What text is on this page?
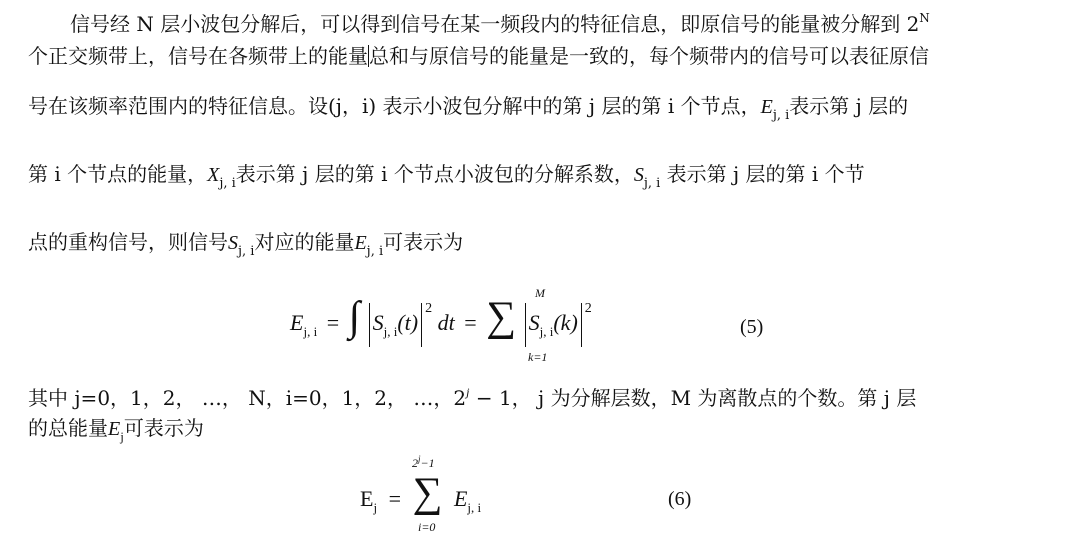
信号经 N 层小波包分解后，可以得到信号在某一频段内的特征信息，即原信号的能量被分解到 $2^N$
个正交频带上，信号在各频带上的能量总和与原信号的能量是一致的，每个频带内的信号可以表征原信
号在该频率范围内的特征信息。设(j，i) 表示小波包分解中的第 j 层的第 i 个节点，$E_{j, i}$表示第 j 层的
第 i 个节点的能量，$X_{j, i}$表示第 j 层的第 i 个节点小波包的分解系数，$S_{j, i}$ 表示第 j 层的第 i 个节
点的重构信号，则信号$S_{j, i}$对应的能量$E_{j, i}$可表示为
$E_{j, i}$ = ∫ $S_{j, i}(t)^2$ dt = ∑ $S_{j, i}(k)^2$
M
k=1
(5)
其中 j=0，1，2， …， N，i=0，1，2， …，$2^j - 1$， j 为分解层数，M 为离散点的个数。第 j 层
的总能量$E_j$可表示为
$E_j$ = ∑ $E_{j, i}$
$2^j-1$
i=0
(6)
